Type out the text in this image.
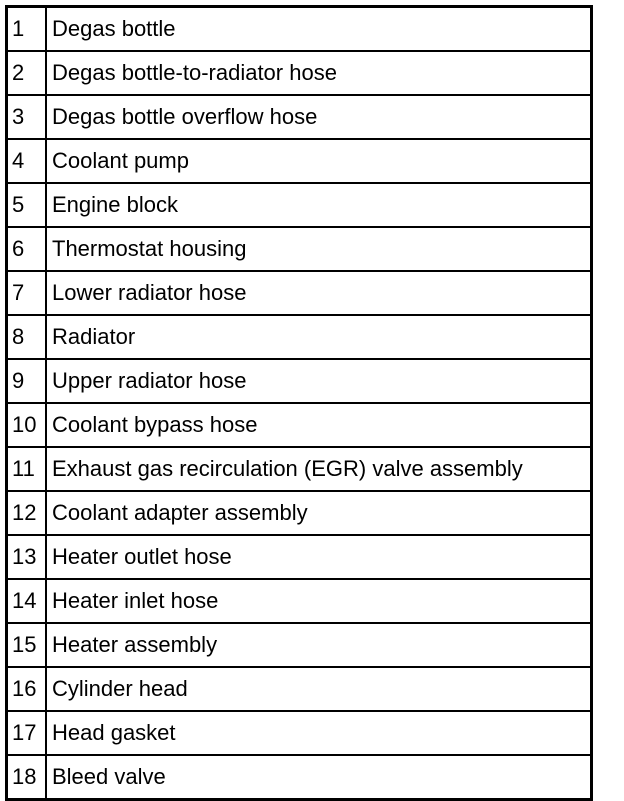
1	Degas bottle
2	Degas bottle-to-radiator hose
3	Degas bottle overflow hose
4	Coolant pump
5	Engine block
6	Thermostat housing
7	Lower radiator hose
8	Radiator
9	Upper radiator hose
10	Coolant bypass hose
11	Exhaust gas recirculation (EGR) valve assembly
12	Coolant adapter assembly
13	Heater outlet hose
14	Heater inlet hose
15	Heater assembly
16	Cylinder head
17	Head gasket
18	Bleed valve
